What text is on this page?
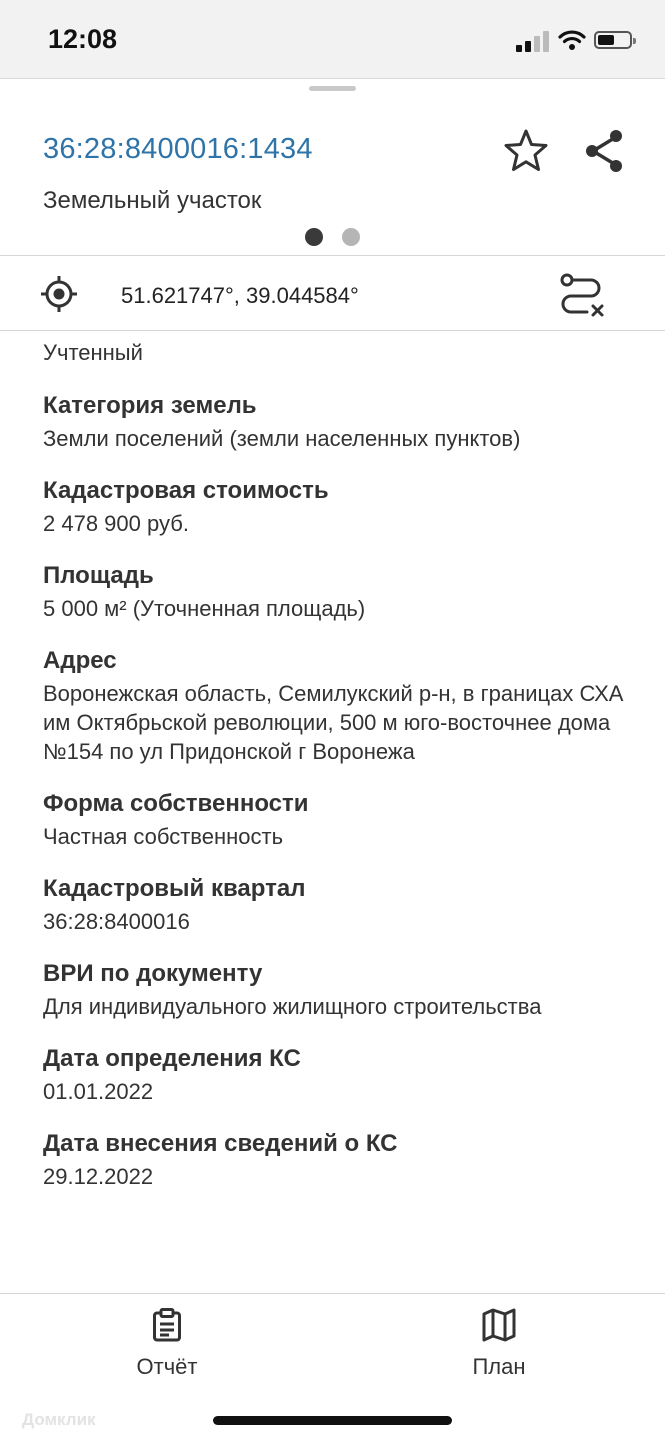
12:08
36:28:8400016:1434
Земельный участок
51.621747°, 39.044584°
Учтенный
Категория земель
Земли поселений (земли населенных пунктов)
Кадастровая стоимость
2 478 900 руб.
Площадь
5 000 м² (Уточненная площадь)
Адрес
Воронежская область, Семилукский р-н, в границах СХА им Октябрьской революции, 500 м юго-восточнее дома №154 по ул Придонской г Воронежа
Форма собственности
Частная собственность
Кадастровый квартал
36:28:8400016
ВРИ по документу
Для индивидуального жилищного строительства
Дата определения КС
01.01.2022
Дата внесения сведений о КС
29.12.2022
Отчёт	План
Домклик
